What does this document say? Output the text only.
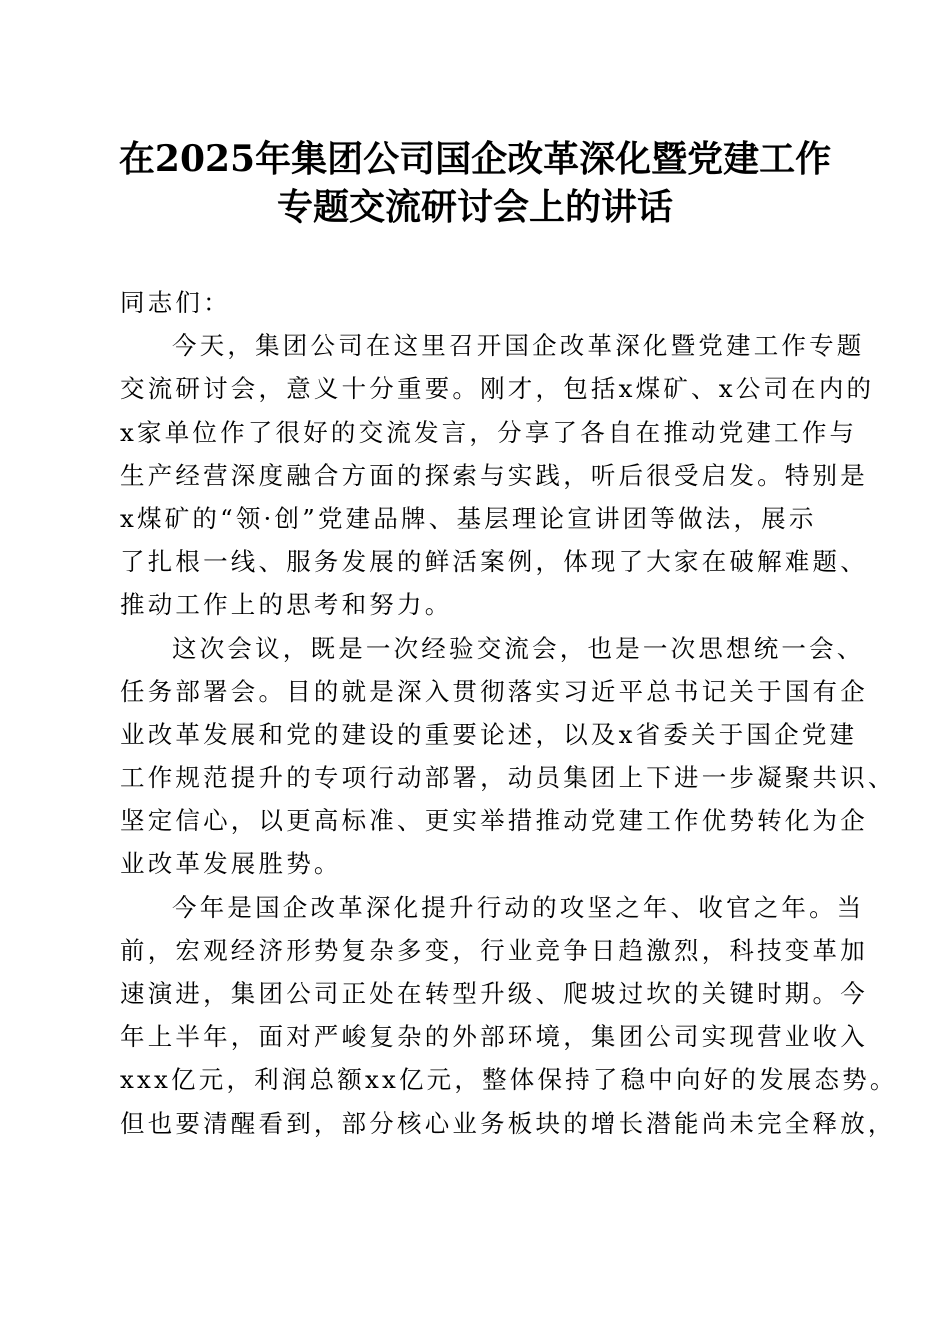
在2025年集团公司国企改革深化暨党建工作
专题交流研讨会上的讲话
同志们：
今天，集团公司在这里召开国企改革深化暨党建工作专题
交流研讨会，意义十分重要。刚才，包括x煤矿、x公司在内的
x家单位作了很好的交流发言，分享了各自在推动党建工作与
生产经营深度融合方面的探索与实践，听后很受启发。特别是
x煤矿的“领·创”党建品牌、基层理论宣讲团等做法，展示
了扎根一线、服务发展的鲜活案例，体现了大家在破解难题、
推动工作上的思考和努力。
这次会议，既是一次经验交流会，也是一次思想统一会、
任务部署会。目的就是深入贯彻落实习近平总书记关于国有企
业改革发展和党的建设的重要论述，以及x省委关于国企党建
工作规范提升的专项行动部署，动员集团上下进一步凝聚共识、
坚定信心，以更高标准、更实举措推动党建工作优势转化为企
业改革发展胜势。
今年是国企改革深化提升行动的攻坚之年、收官之年。当
前，宏观经济形势复杂多变，行业竞争日趋激烈，科技变革加
速演进，集团公司正处在转型升级、爬坡过坎的关键时期。今
年上半年，面对严峻复杂的外部环境，集团公司实现营业收入
xxx亿元，利润总额xx亿元，整体保持了稳中向好的发展态势。
但也要清醒看到，部分核心业务板块的增长潜能尚未完全释放，
